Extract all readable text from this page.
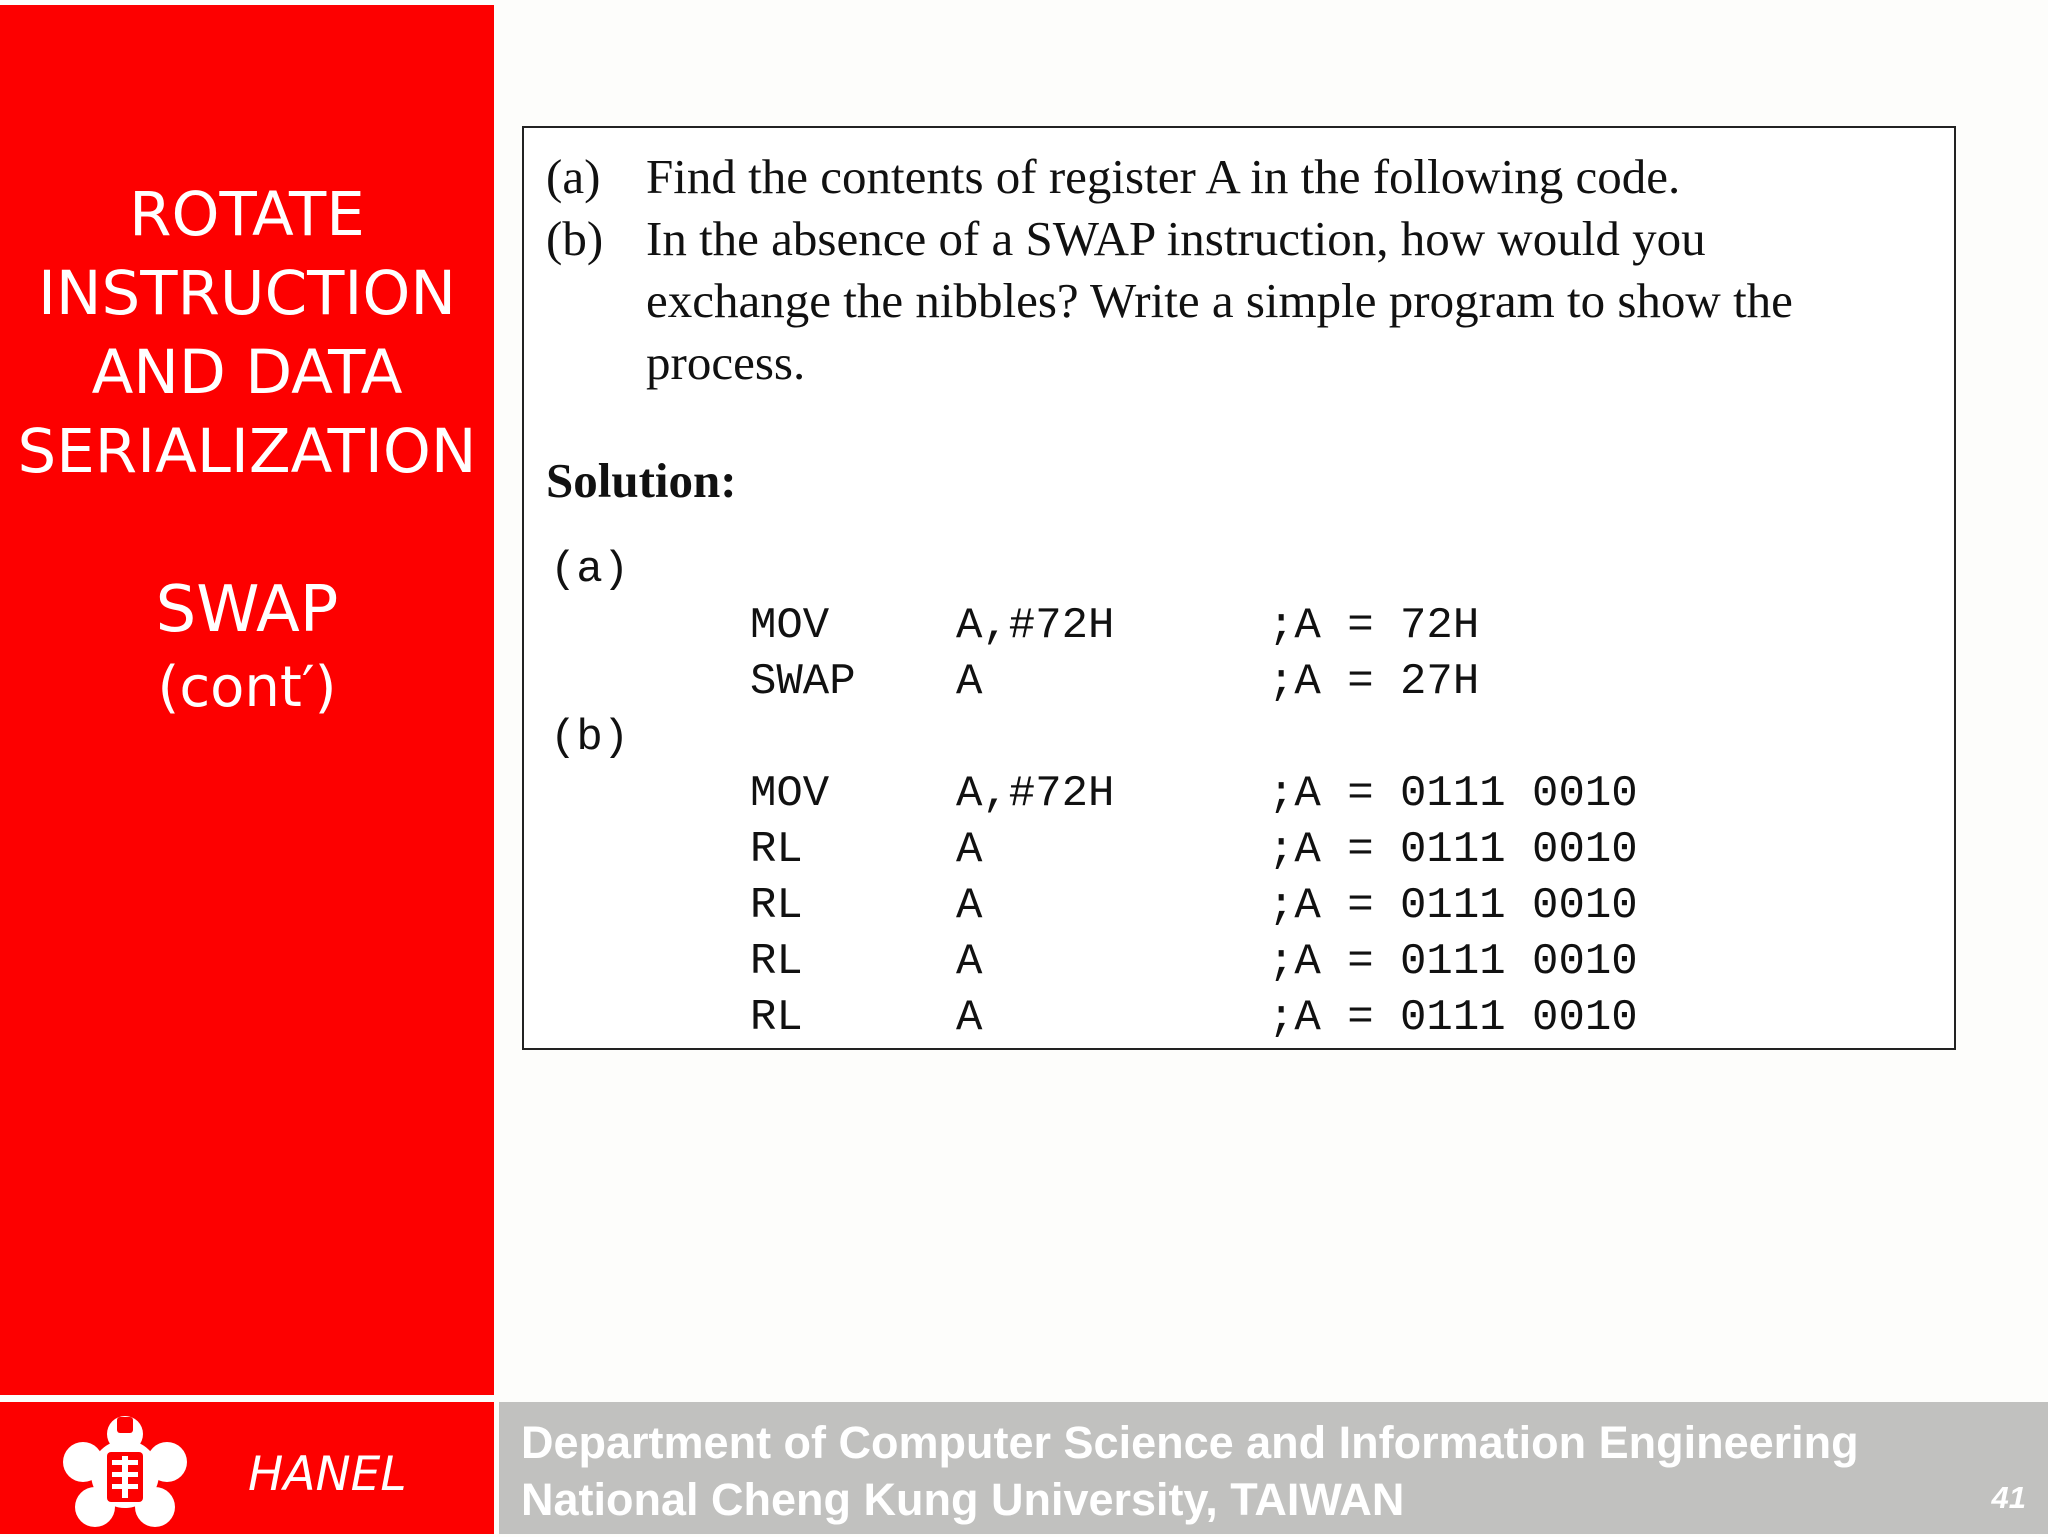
ROTATE
INSTRUCTION
AND DATA
SERIALIZATION
SWAP
(cont′)
HANEL
Department of Computer Science and Information Engineering
National Cheng Kung University, TAIWAN	41
(a) Find the contents of register A in the following code.
(b) In the absence of a SWAP instruction, how would you
exchange the nibbles? Write a simple program to show the
process.
Solution:
(a)
MOV	A,#72H	;A = 72H
SWAP A	;A = 27H
(b)
MOV	A,#72H	;A = 0111 0010
RL	A	;A = 0111 0010
RL	A	;A = 0111 0010
RL	A	;A = 0111 0010
RL	A	;A = 0111 0010
